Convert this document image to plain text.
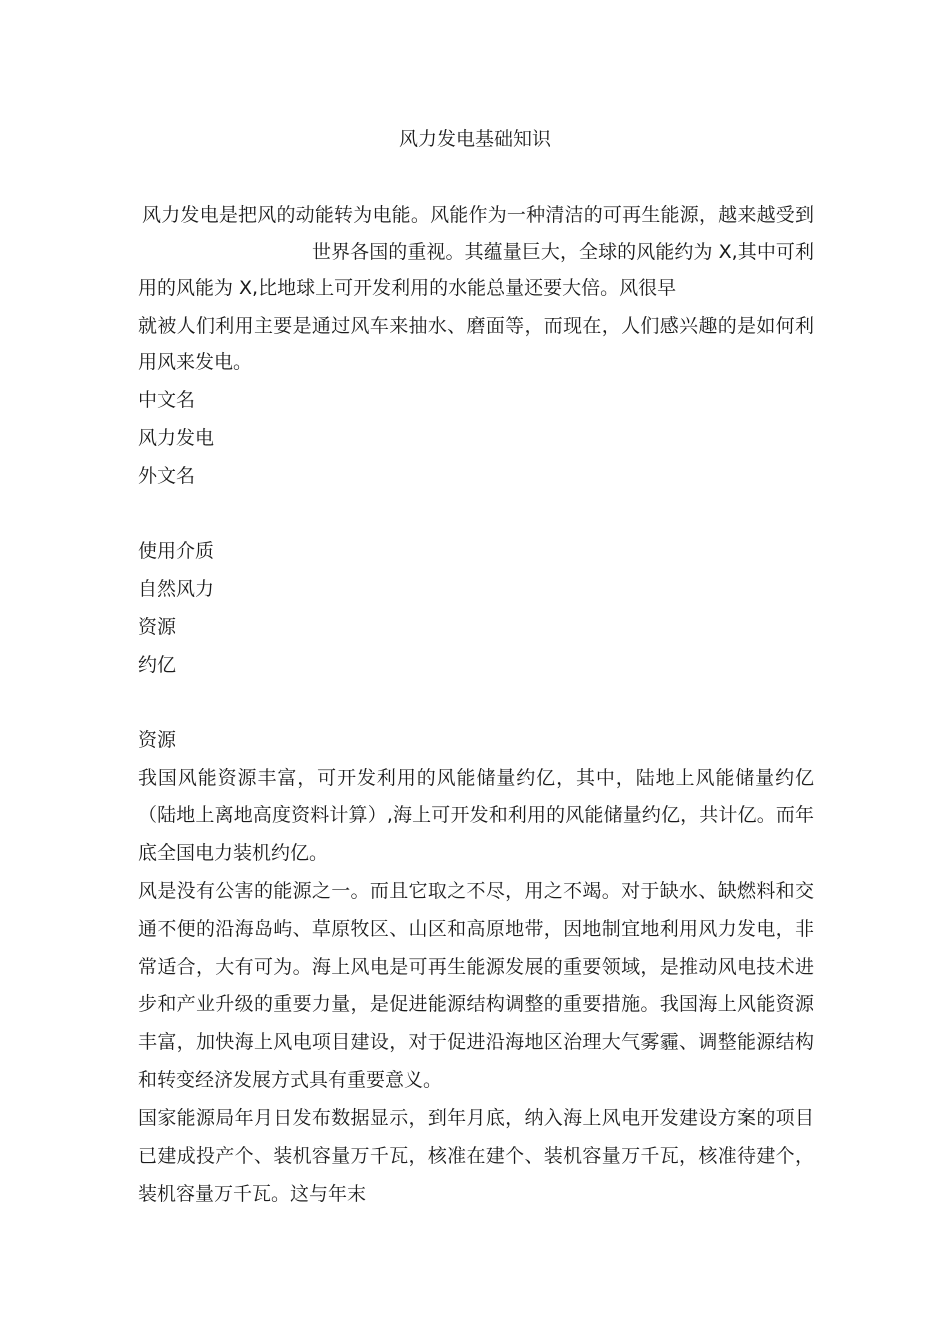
风力发电基础知识
风力发电是把风的动能转为电能。风能作为一种清洁的可再生能源，越来越受到
世界各国的重视。其蕴量巨大，全球的风能约为 X,其中可利
用的风能为 X,比地球上可开发利用的水能总量还要大倍。风很早
就被人们利用主要是通过风车来抽水、磨面等，而现在，人们感兴趣的是如何利
用风来发电。
中文名
风力发电
外文名
使用介质
自然风力
资源
约亿
资源
我国风能资源丰富，可开发利用的风能储量约亿，其中，陆地上风能储量约亿
（陆地上离地高度资料计算）,海上可开发和利用的风能储量约亿，共计亿。而年
底全国电力装机约亿。
风是没有公害的能源之一。而且它取之不尽，用之不竭。对于缺水、缺燃料和交
通不便的沿海岛屿、草原牧区、山区和高原地带，因地制宜地利用风力发电，非
常适合，大有可为。海上风电是可再生能源发展的重要领域，是推动风电技术进
步和产业升级的重要力量，是促进能源结构调整的重要措施。我国海上风能资源
丰富，加快海上风电项目建设，对于促进沿海地区治理大气雾霾、调整能源结构
和转变经济发展方式具有重要意义。
国家能源局年月日发布数据显示，到年月底，纳入海上风电开发建设方案的项目
已建成投产个、装机容量万千瓦，核准在建个、装机容量万千瓦，核准待建个，
装机容量万千瓦。这与年末
